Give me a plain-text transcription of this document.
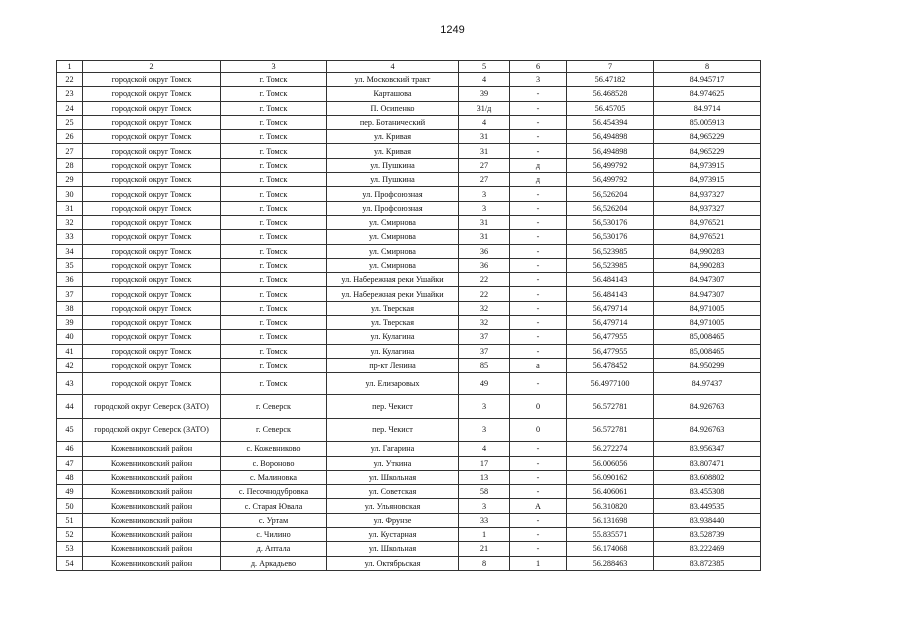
1249
1	2	3	4	5	6	7	8
22	городской округ Томск	г. Томск	ул. Московский тракт	4	3	56.47182	84.945717
23	городской округ Томск	г. Томск	Карташова	39	-	56.468528	84.974625
24	городской округ Томск	г. Томск	П. Осипенко	31/д	-	56.45705	84.9714
25	городской округ Томск	г. Томск	пер. Ботанический	4	-	56.454394	85.005913
26	городской округ Томск	г. Томск	ул. Кривая	31	-	56,494898	84,965229
27	городской округ Томск	г. Томск	ул. Кривая	31	-	56,494898	84,965229
28	городской округ Томск	г. Томск	ул. Пушкина	27	д	56,499792	84,973915
29	городской округ Томск	г. Томск	ул. Пушкина	27	д	56,499792	84,973915
30	городской округ Томск	г. Томск	ул. Профсоюзная	3	-	56,526204	84,937327
31	городской округ Томск	г. Томск	ул. Профсоюзная	3	-	56,526204	84,937327
32	городской округ Томск	г. Томск	ул. Смирнова	31	-	56,530176	84,976521
33	городской округ Томск	г. Томск	ул. Смирнова	31	-	56,530176	84,976521
34	городской округ Томск	г. Томск	ул. Смирнова	36	-	56,523985	84,990283
35	городской округ Томск	г. Томск	ул. Смирнова	36	-	56,523985	84,990283
36	городской округ Томск	г. Томск	ул. Набережная реки Ушайки	22	-	56.484143	84.947307
37	городской округ Томск	г. Томск	ул. Набережная реки Ушайки	22	-	56.484143	84.947307
38	городской округ Томск	г. Томск	ул. Тверская	32	-	56,479714	84,971005
39	городской округ Томск	г. Томск	ул. Тверская	32	-	56,479714	84,971005
40	городской округ Томск	г. Томск	ул. Кулагина	37	-	56,477955	85,008465
41	городской округ Томск	г. Томск	ул. Кулагина	37	-	56,477955	85,008465
42	городской округ Томск	г. Томск	пр-кт Ленина	85	а	56.478452	84.950299
43	городской округ Томск	г. Томск	ул. Елизаровых	49	-	56.4977100	84.97437
44	городской округ Северск (ЗАТО)	г. Северск	пер. Чекист	3	0	56.572781	84.926763
45	городской округ Северск (ЗАТО)	г. Северск	пер. Чекист	3	0	56.572781	84.926763
46	Кожевниковский район	с. Кожевниково	ул. Гагарина	4	-	56.272274	83.956347
47	Кожевниковский район	с. Вороново	ул. Уткина	17	-	56.006056	83.807471
48	Кожевниковский район	с. Малиновка	ул. Школьная	13	-	56.090162	83.608802
49	Кожевниковский район	с. Песочнодубровка	ул. Советская	58	-	56.406061	83.455308
50	Кожевниковский район	с. Старая Ювала	ул. Ульяновская	3	А	56.310820	83.449535
51	Кожевниковский район	с. Уртам	ул. Фрунзе	33	-	56.131698	83.938440
52	Кожевниковский район	с. Чилино	ул. Кустарная	1	-	55.835571	83.528739
53	Кожевниковский район	д. Аптала	ул. Школьная	21	-	56.174068	83.222469
54	Кожевниковский район	д. Аркадьево	ул. Октябрьская	8	1	56.288463	83.872385
